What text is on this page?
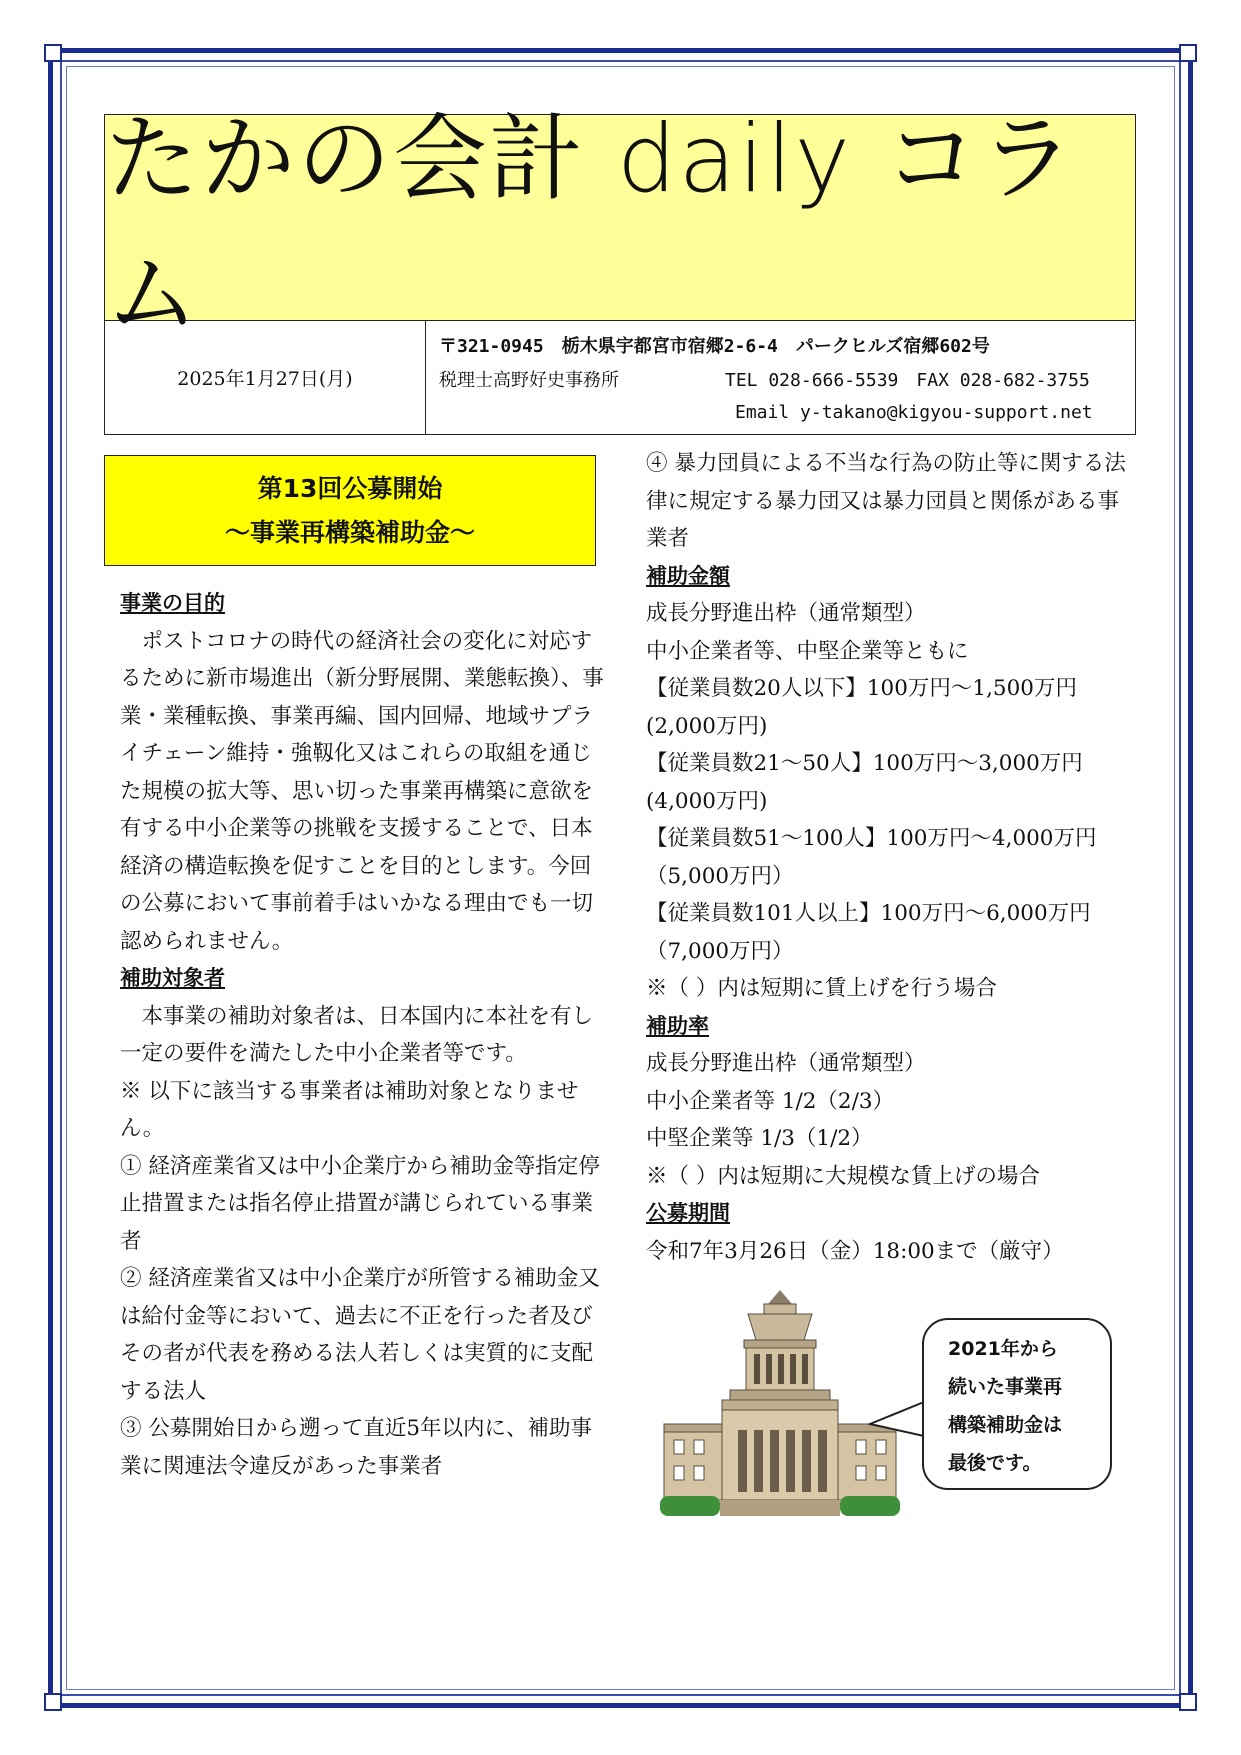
たかの会計 daily コラム
2025年1月27日(月)
〒321-0945　栃木県宇都宮市宿郷2-6-4　パークヒルズ宿郷602号
税理士高野好史事務所	TEL 028-666-5539　FAX 028-682-3755
Email y-takano@kigyou-support.net
第13回公募開始
～事業再構築補助金～

事業の目的

ポストコロナの時代の経済社会の変化に対応するために新市場進出（新分野展開、業態転換）、事業・業種転換、事業再編、国内回帰、地域サプライチェーン維持・強靱化又はこれらの取組を通じた規模の拡大等、思い切った事業再構築に意欲を有する中小企業等の挑戦を支援することで、日本経済の構造転換を促すことを目的とします。今回の公募において事前着手はいかなる理由でも一切認められません。

補助対象者

本事業の補助対象者は、日本国内に本社を有し一定の要件を満たした中小企業者等です。

※ 以下に該当する事業者は補助対象となりません。

① 経済産業省又は中小企業庁から補助金等指定停止措置または指名停止措置が講じられている事業者

② 経済産業省又は中小企業庁が所管する補助金又は給付金等において、過去に不正を行った者及びその者が代表を務める法人若しくは実質的に支配する法人

③ 公募開始日から遡って直近5年以内に、補助事業に関連法令違反があった事業者

④ 暴力団員による不当な行為の防止等に関する法律に規定する暴力団又は暴力団員と関係がある事業者

補助金額

成長分野進出枠（通常類型）

中小企業者等、中堅企業等ともに

【従業員数20人以下】100万円～1,500万円(2,000万円)

【従業員数21～50人】100万円～3,000万円(4,000万円)

【従業員数51～100人】100万円～4,000万円（5,000万円）

【従業員数101人以上】100万円～6,000万円（7,000万円）

※（ ）内は短期に賃上げを行う場合

補助率

成長分野進出枠（通常類型）

中小企業者等 1/2（2/3）

中堅企業等 1/3（1/2）

※（ ）内は短期に大規模な賃上げの場合

公募期間

令和7年3月26日（金）18:00まで（厳守）

2021年から
続いた事業再
構築補助金は
最後です。
